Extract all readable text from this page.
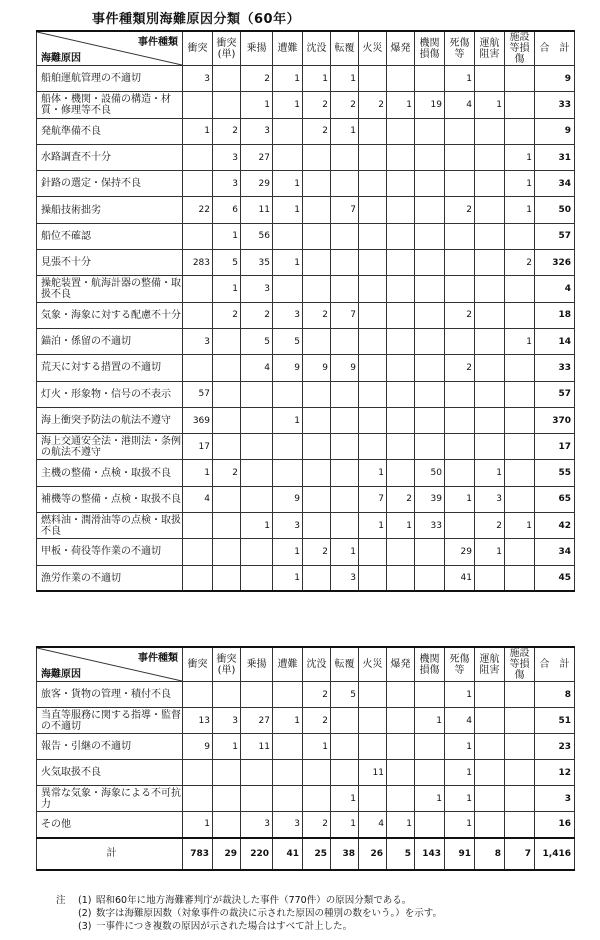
事件種類別海難原因分類（60年）
事件種類
海難原因	衝突	衝突(単)	乗揚	遭難	沈没	転覆	火災	爆発	機関損傷	死傷等	運航阻害	施設等損傷	合　計
船舶運航管理の不適切	3		2	1	1	1				1			9
船体・機関・設備の構造・材質・修理等不良			1	1	2	2	2	1	19	4	1		33
発航準備不良	1	2	3		2	1							9
水路調査不十分		3	27									1	31
針路の選定・保持不良		3	29	1								1	34
操船技術拙劣	22	6	11	1		7				2		1	50
船位不確認		1	56										57
見張不十分	283	5	35	1								2	326
操舵装置・航海計器の整備・取扱不良		1	3										4
気象・海象に対する配慮不十分		2	2	3	2	7				2			18
錨泊・係留の不適切	3		5	5								1	14
荒天に対する措置の不適切			4	9	9	9				2			33
灯火・形象物・信号の不表示	57												57
海上衝突予防法の航法不遵守	369			1									370
海上交通安全法・港則法・条例の航法不遵守	17												17
主機の整備・点検・取扱不良	1	2					1		50		1		55
補機等の整備・点検・取扱不良	4			9			7	2	39	1	3		65
燃料油・潤滑油等の点検・取扱不良			1	3			1	1	33		2	1	42
甲板・荷役等作業の不適切				1	2	1				29	1		34
漁労作業の不適切				1		3				41			45
事件種類
海難原因	衝突	衝突(単)	乗揚	遭難	沈没	転覆	火災	爆発	機関損傷	死傷等	運航阻害	施設等損傷	合　計
旅客・貨物の管理・積付不良					2	5				1			8
当直等服務に関する指導・監督の不適切	13	3	27	1	2				1	4			51
報告・引継の不適切	9	1	11		1					1			23
火気取扱不良							11			1			12
異常な気象・海象による不可抗力						1			1	1			3
その他	1		3	3	2	1	4	1		1			16
計	783	29	220	41	25	38	26	5	143	91	8	7	1,416
注	(1) 昭和60年に地方海難審判庁が裁決した事件（770件）の原因分類である。
(2) 数字は海難原因数（対象事件の裁決に示された原因の種別の数をいう。）を示す。
(3) 一事件につき複数の原因が示された場合はすべて計上した。
